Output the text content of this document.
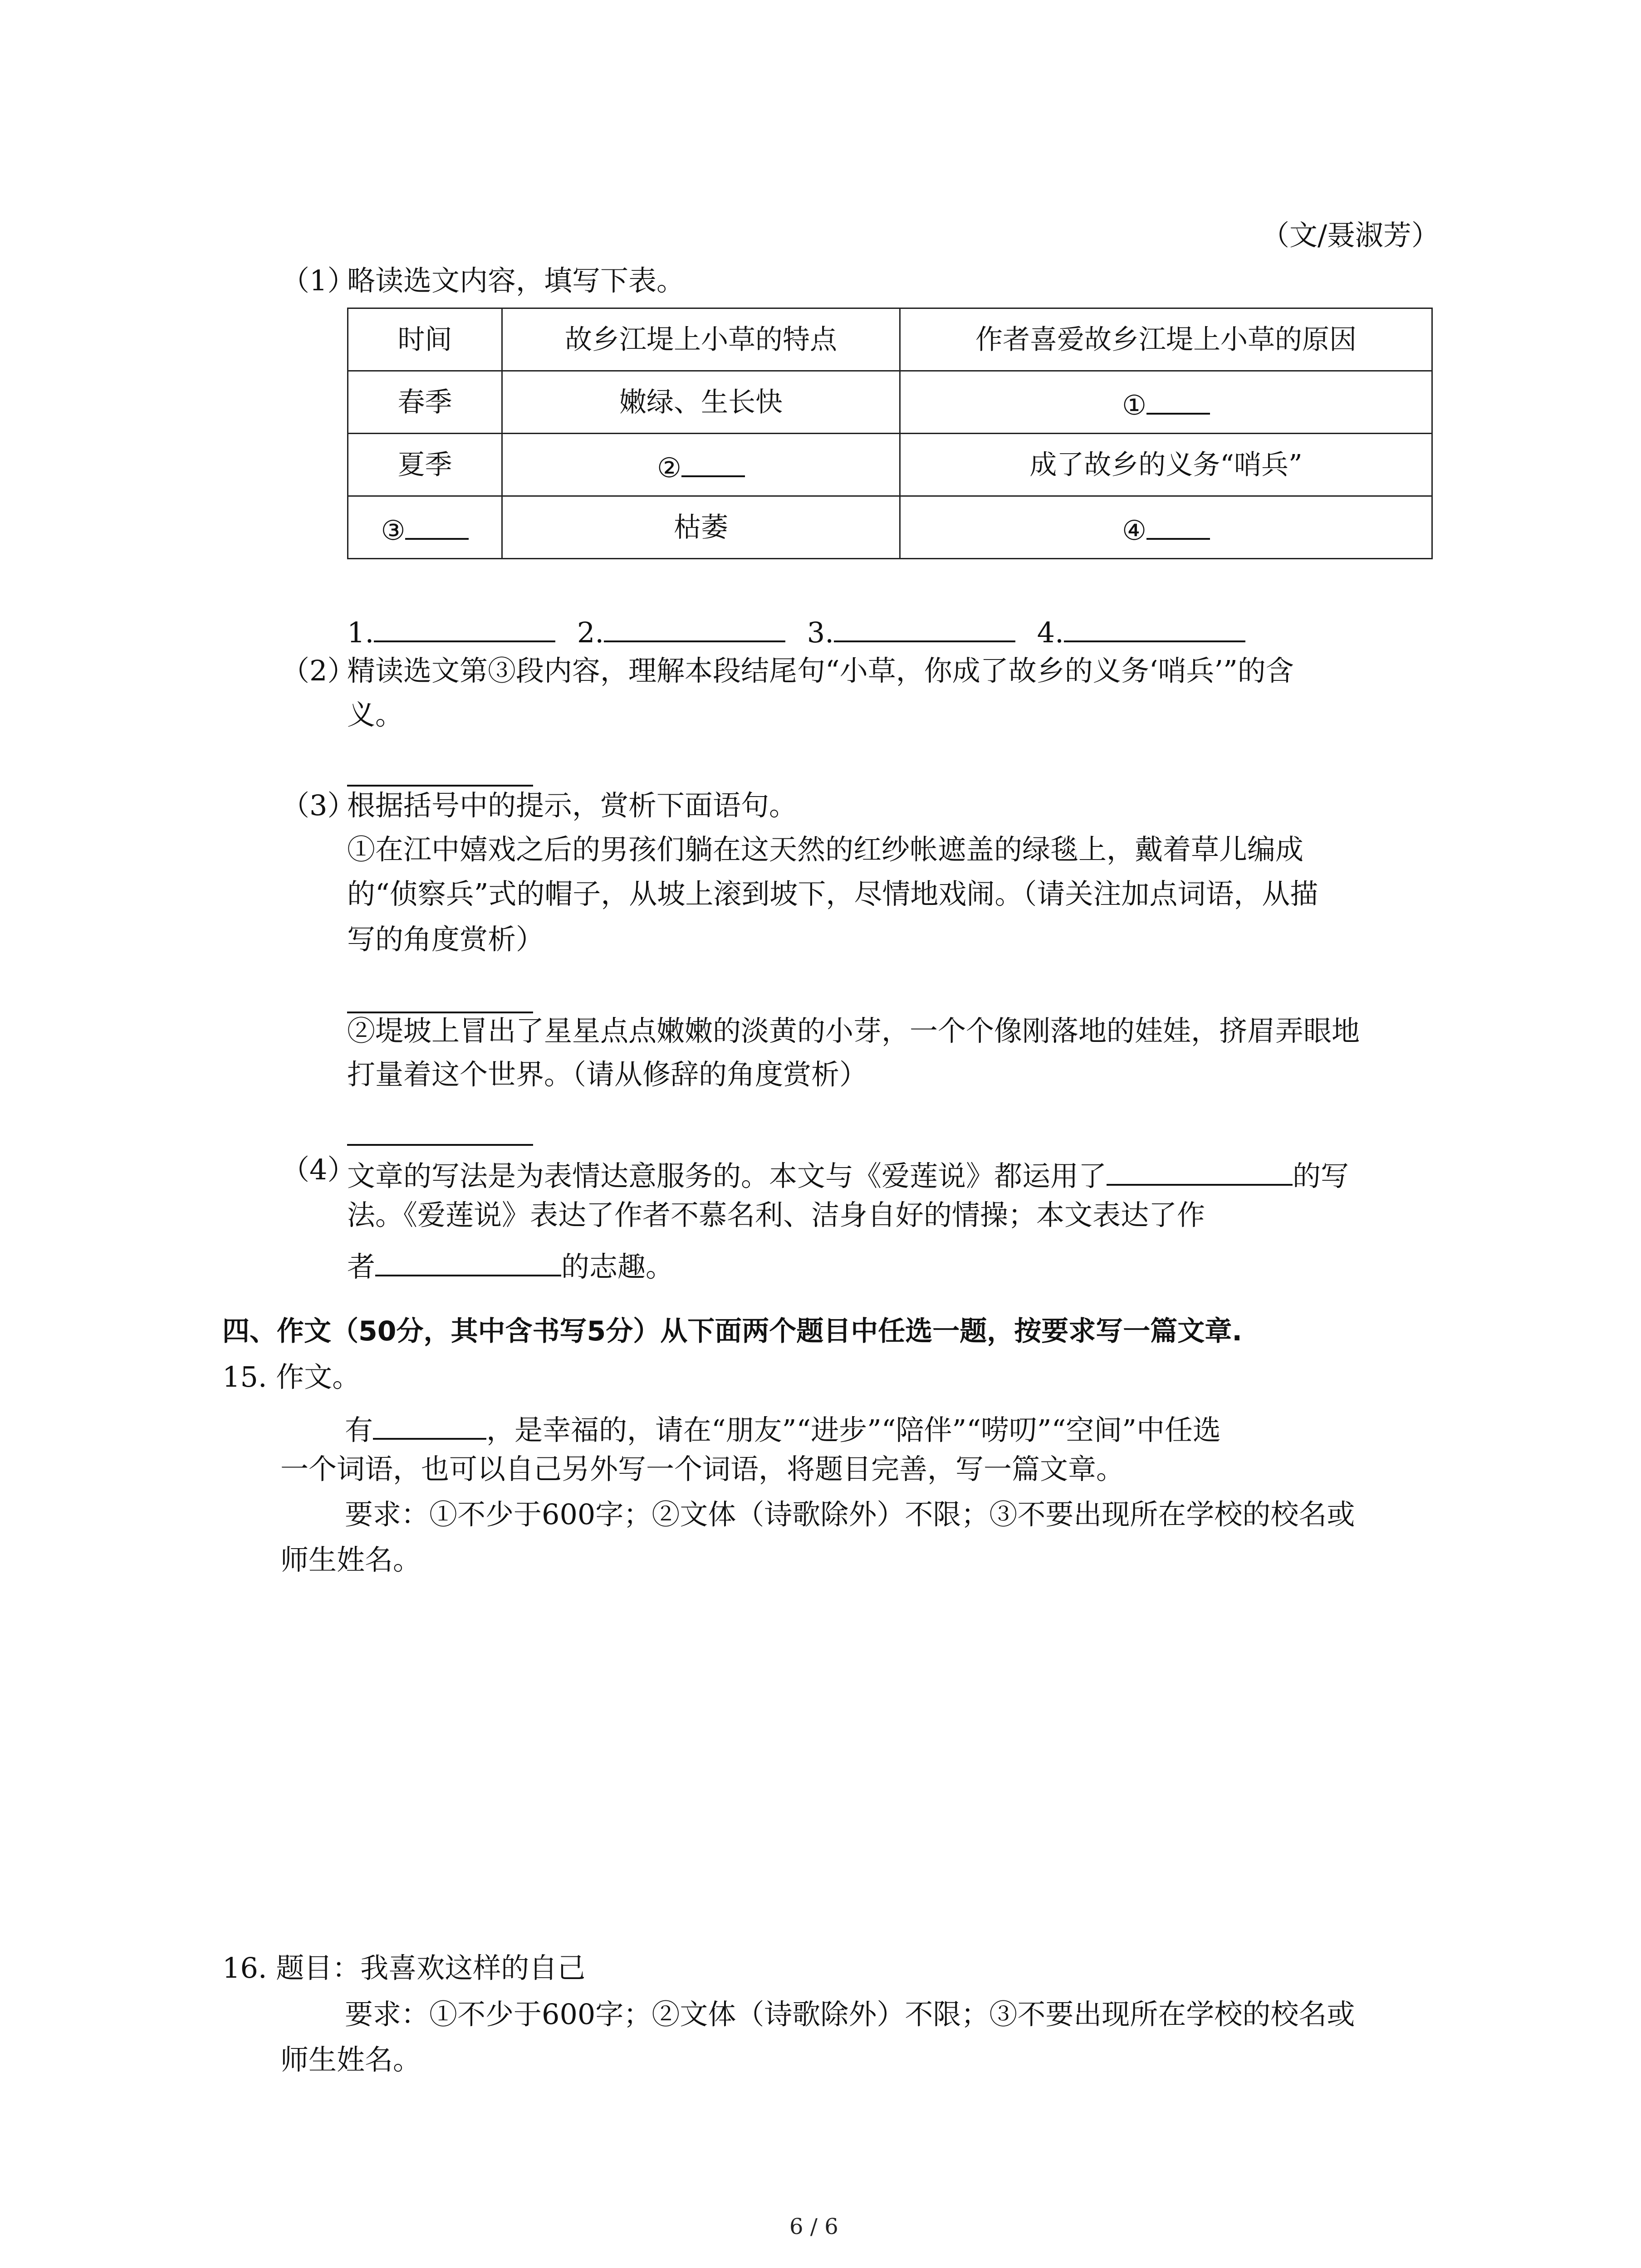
（文/聂淑芳）
（1）
略读选文内容，填写下表。
时间	故乡江堤上小草的特点	作者喜爱故乡江堤上小草的原因
春季	嫩绿、生长快	①
夏季	②	成了故乡的义务“哨兵”
③	枯萎	④
1.	2.	3.	4.
（2）
精读选文第③段内容，理解本段结尾句“小草，你成了故乡的义务‘哨兵’”的含
义。
（3）
根据括号中的提示，赏析下面语句。
①在江中嬉戏之后的男孩们躺在这天然的红纱帐遮盖的绿毯上，戴着草儿编成
的“侦察兵”式的帽子，从坡上滚到坡下，尽情地戏闹。（请关注加点词语，从描
写的角度赏析）
②堤坡上冒出了星星点点嫩嫩的淡黄的小芽，一个个像刚落地的娃娃，挤眉弄眼地
打量着这个世界。（请从修辞的角度赏析）
（4）
文章的写法是为表情达意服务的。本文与《爱莲说》都运用了	的写
法。《爱莲说》表达了作者不慕名利、洁身自好的情操；本文表达了作
者	的志趣。
四、作文（50分，其中含书写5分）从下面两个题目中任选一题，按要求写一篇文章.
15. 作文。
有	，是幸福的，请在“朋友”“进步”“陪伴”“唠叨”“空间”中任选
一个词语，也可以自己另外写一个词语，将题目完善，写一篇文章。
要求：①不少于600字；②文体（诗歌除外）不限；③不要出现所在学校的校名或
师生姓名。
16. 题目：我喜欢这样的自己
要求：①不少于600字；②文体（诗歌除外）不限；③不要出现所在学校的校名或
师生姓名。
6 / 6
